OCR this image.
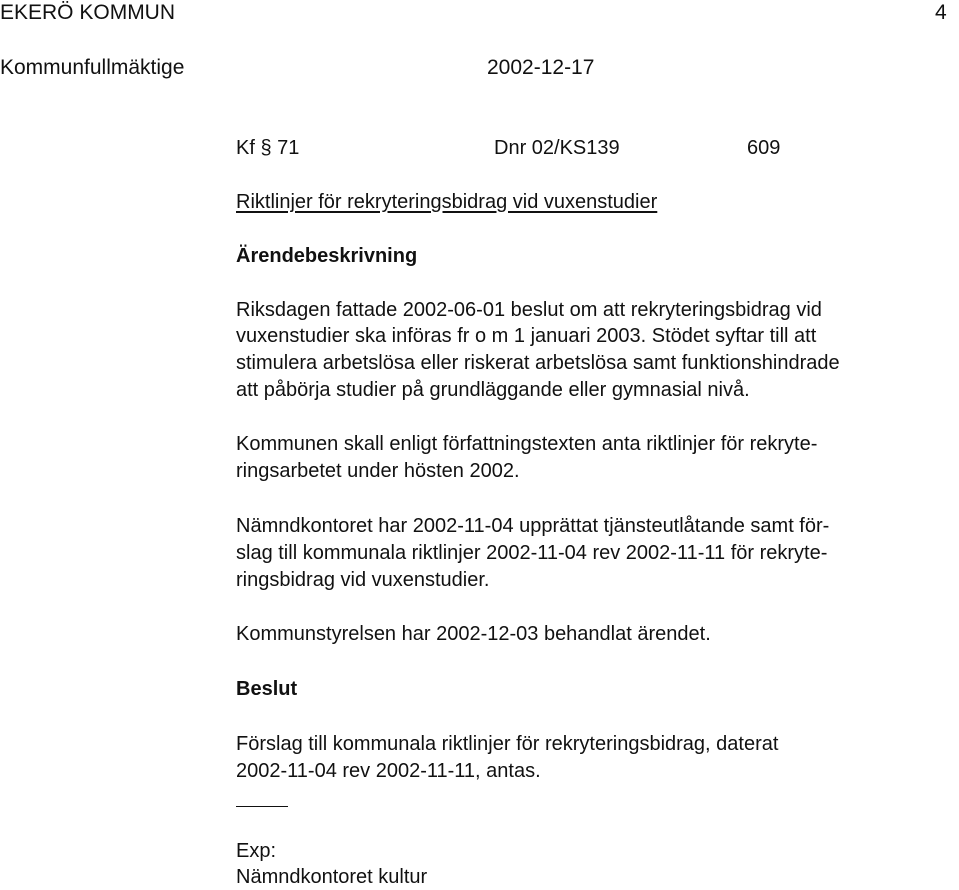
EKERÖ KOMMUN	4
Kommunfullmäktige	2002-12-17
Kf § 71	Dnr 02/KS139	609
Riktlinjer för rekryteringsbidrag vid vuxenstudier
Ärendebeskrivning
Riksdagen fattade 2002-06-01 beslut om att rekryteringsbidrag vid
vuxenstudier ska införas fr o m 1 januari 2003. Stödet syftar till att
stimulera arbetslösa eller riskerat arbetslösa samt funktionshindrade
att påbörja studier på grundläggande eller gymnasial nivå.
Kommunen skall enligt författningstexten anta riktlinjer för rekryte-
ringsarbetet under hösten 2002.
Nämndkontoret har 2002-11-04 upprättat tjänsteutlåtande samt för-
slag till kommunala riktlinjer 2002-11-04 rev 2002-11-11 för rekryte-
ringsbidrag vid vuxenstudier.
Kommunstyrelsen har 2002-12-03 behandlat ärendet.
Beslut
Förslag till kommunala riktlinjer för rekryteringsbidrag, daterat
2002-11-04 rev 2002-11-11, antas.
Exp:
Nämndkontoret kultur
